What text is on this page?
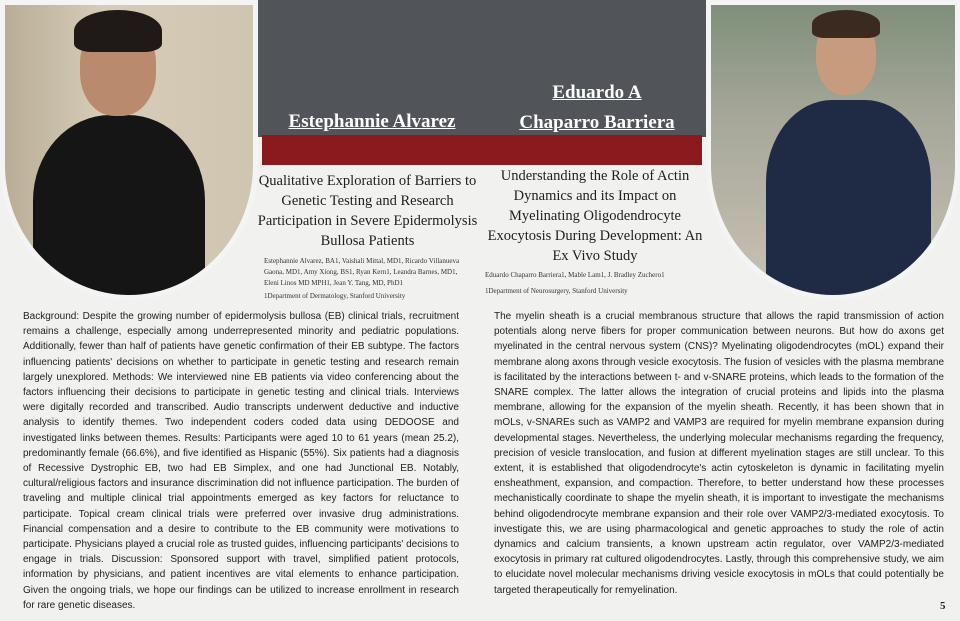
Estephannie Alvarez
Eduardo A
Chaparro Barriera
Qualitative Exploration of Barriers to Genetic Testing and Research Participation in Severe Epidermolysis Bullosa Patients
Estephannie Alvarez, BA1, Vaishali Mittal, MD1, Ricardo Villanueva Gaona, MD1, Amy Xiong, BS1, Ryan Kern1, Leandra Barnes, MD1, Eleni Linos MD MPH1, Jean Y. Tang, MD, PhD1
1Department of Dermatology, Stanford University
Understanding the Role of Actin Dynamics and its Impact on Myelinating Oligodendrocyte Exocytosis During Development: An Ex Vivo Study
Eduardo Chaparro Barriera1, Mable Lam1, J. Bradley Zuchero1
1Department of Neurosurgery, Stanford University
Background: Despite the growing number of epidermolysis bullosa (EB) clinical trials, recruitment remains a challenge, especially among underrepresented minority and pediatric populations. Additionally, fewer than half of patients have genetic confirmation of their EB subtype. The factors influencing patients' decisions on whether to participate in genetic testing and research remain largely unexplored. Methods: We interviewed nine EB patients via video conferencing about the factors influencing their decisions to participate in genetic testing and clinical trials. Interviews were digitally recorded and transcribed. Audio transcripts underwent deductive and inductive analysis to identify themes. Two independent coders coded data using DEDOOSE and investigated links between themes. Results: Participants were aged 10 to 61 years (mean 25.2), predominantly female (66.6%), and five identified as Hispanic (55%). Six patients had a diagnosis of Recessive Dystrophic EB, two had EB Simplex, and one had Junctional EB. Notably, cultural/religious factors and insurance discrimination did not influence participation. The burden of traveling and multiple clinical trial appointments emerged as key factors for reluctance to participate. Topical cream clinical trials were preferred over invasive drug administrations. Financial compensation and a desire to contribute to the EB community were motivations to participate. Physicians played a crucial role as trusted guides, influencing participants' decisions to engage in trials. Discussion: Sponsored support with travel, simplified patient protocols, information by physicians, and patient incentives are vital elements to enhance participation. Given the ongoing trials, we hope our findings can be utilized to increase enrollment in research for rare genetic diseases.
The myelin sheath is a crucial membranous structure that allows the rapid transmission of action potentials along nerve fibers for proper communication between neurons. But how do axons get myelinated in the central nervous system (CNS)? Myelinating oligodendrocytes (mOL) expand their membrane along axons through vesicle exocytosis. The fusion of vesicles with the plasma membrane is facilitated by the interactions between t- and v-SNARE proteins, which leads to the formation of the SNARE complex. The latter allows the integration of crucial proteins and lipids into the plasma membrane, allowing for the expansion of the myelin sheath. Recently, it has been shown that in mOLs, v-SNAREs such as VAMP2 and VAMP3 are required for myelin membrane expansion during developmental stages. Nevertheless, the underlying molecular mechanisms regarding the frequency, precision of vesicle translocation, and fusion at different myelination stages are still unclear. To this extent, it is established that oligodendrocyte's actin cytoskeleton is dynamic in facilitating myelin ensheathment, expansion, and compaction. Therefore, to better understand how these processes mechanistically coordinate to shape the myelin sheath, it is important to investigate the mechanisms behind oligodendrocyte membrane expansion and their role over VAMP2/3-mediated exocytosis. To investigate this, we are using pharmacological and genetic approaches to study the role of actin dynamics and calcium transients, a known upstream actin regulator, over VAMP2/3-mediated exocytosis in primary rat cultured oligodendrocytes. Lastly, through this comprehensive study, we aim to elucidate novel molecular mechanisms driving vesicle exocytosis in mOLs that could potentially be targeted therapeutically for remyelination.
5
